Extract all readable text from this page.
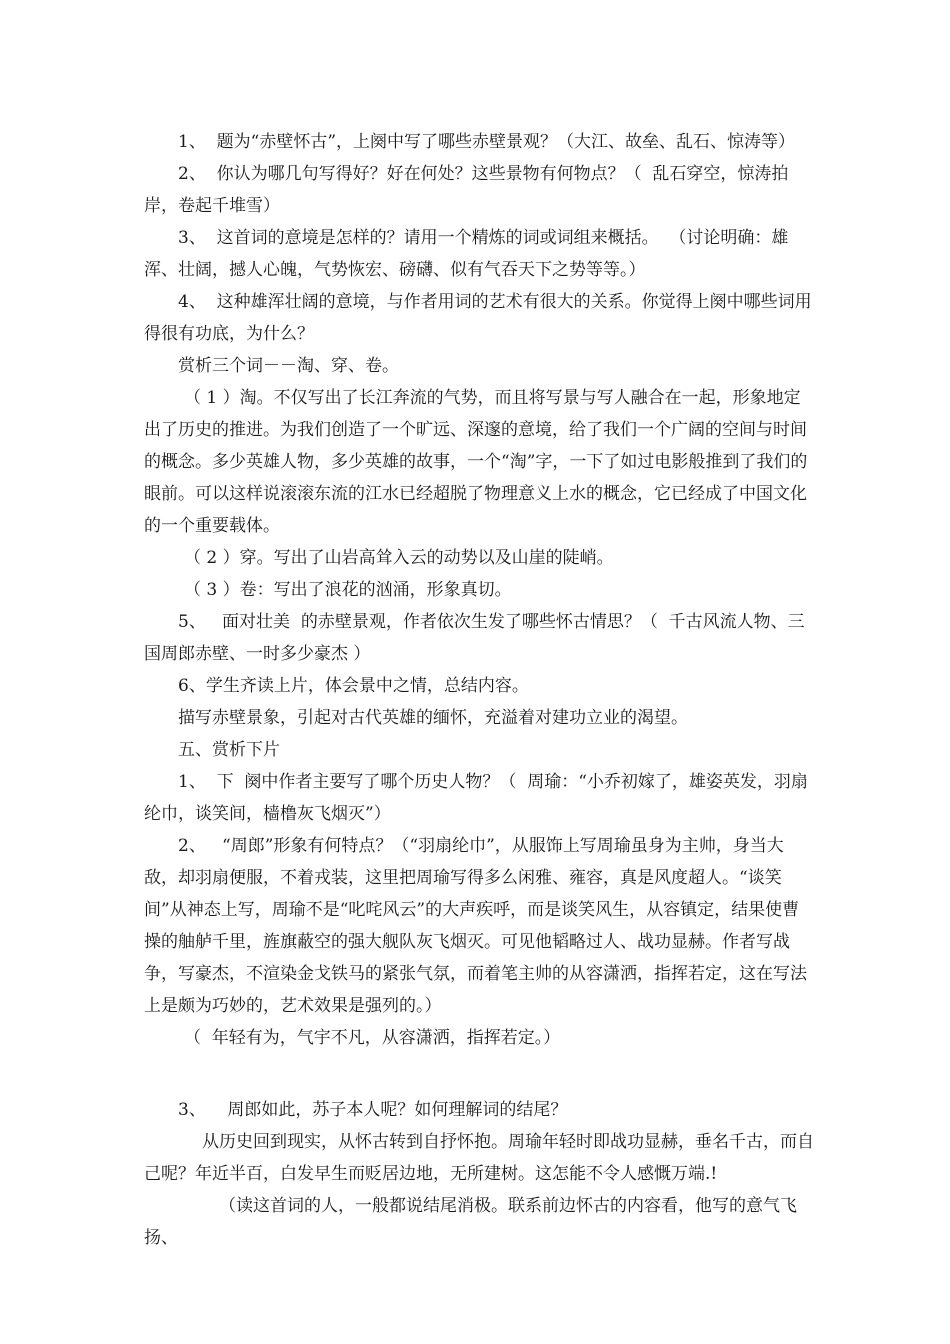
1、  题为“赤壁怀古”，上阕中写了哪些赤壁景观？（大江、故垒、乱石、惊涛等）

2、  你认为哪几句写得好？好在何处？这些景物有何物点？（  乱石穿空，惊涛拍岸，卷起千堆雪）

3、  这首词的意境是怎样的？请用一个精炼的词或词组来概括。  （讨论明确：雄浑、壮阔，撼人心魄，气势恢宏、磅礴、似有气吞天下之势等等。）

4、  这种雄浑壮阔的意境，与作者用词的艺术有很大的关系。你觉得上阕中哪些词用得很有功底，为什么？

赏析三个词－－淘、穿、卷。

（ 1 ）淘。不仅写出了长江奔流的气势，而且将写景与写人融合在一起，形象地定出了历史的推进。为我们创造了一个旷远、深邃的意境，给了我们一个广阔的空间与时间的概念。多少英雄人物，多少英雄的故事，一个“淘”字，一下了如过电影般推到了我们的眼前。可以这样说滚滚东流的江水已经超脱了物理意义上水的概念，它已经成了中国文化的一个重要载体。

（ 2 ）穿。写出了山岩高耸入云的动势以及山崖的陡峭。

（ 3 ）卷：写出了浪花的汹涌，形象真切。

5、   面对壮美  的赤壁景观，作者依次生发了哪些怀古情思？（  千古风流人物、三国周郎赤壁、一时多少豪杰 ）

6、学生齐读上片，体会景中之情，总结内容。

描写赤壁景象，引起对古代英雄的缅怀，充溢着对建功立业的渴望。

五、赏析下片

1、  下  阕中作者主要写了哪个历史人物？（  周瑜：“小乔初嫁了，雄姿英发，羽扇纶巾，谈笑间，樯橹灰飞烟灭”）

2、   “周郎”形象有何特点？（“羽扇纶巾”，从服饰上写周瑜虽身为主帅，身当大敌，却羽扇便服，不着戎装，这里把周瑜写得多么闲雅、雍容，真是风度超人。“谈笑间”从神态上写，周瑜不是“叱咤风云”的大声疾呼，而是谈笑风生，从容镇定，结果使曹操的舳舻千里，旌旗蔽空的强大舰队灰飞烟灭。可见他韬略过人、战功显赫。作者写战争，写豪杰，不渲染金戈铁马的紧张气氛，而着笔主帅的从容潇洒，指挥若定，这在写法上是颇为巧妙的，艺术效果是强列的。）

（  年轻有为，气宇不凡，从容潇洒，指挥若定。）

3、    周郎如此，苏子本人呢？如何理解词的结尾？

从历史回到现实，从怀古转到自抒怀抱。周瑜年轻时即战功显赫，垂名千古，而自己呢？年近半百，白发早生而贬居边地，无所建树。这怎能不令人感慨万端.!

（读这首词的人，一般都说结尾消极。联系前边怀古的内容看，他写的意气飞扬、
